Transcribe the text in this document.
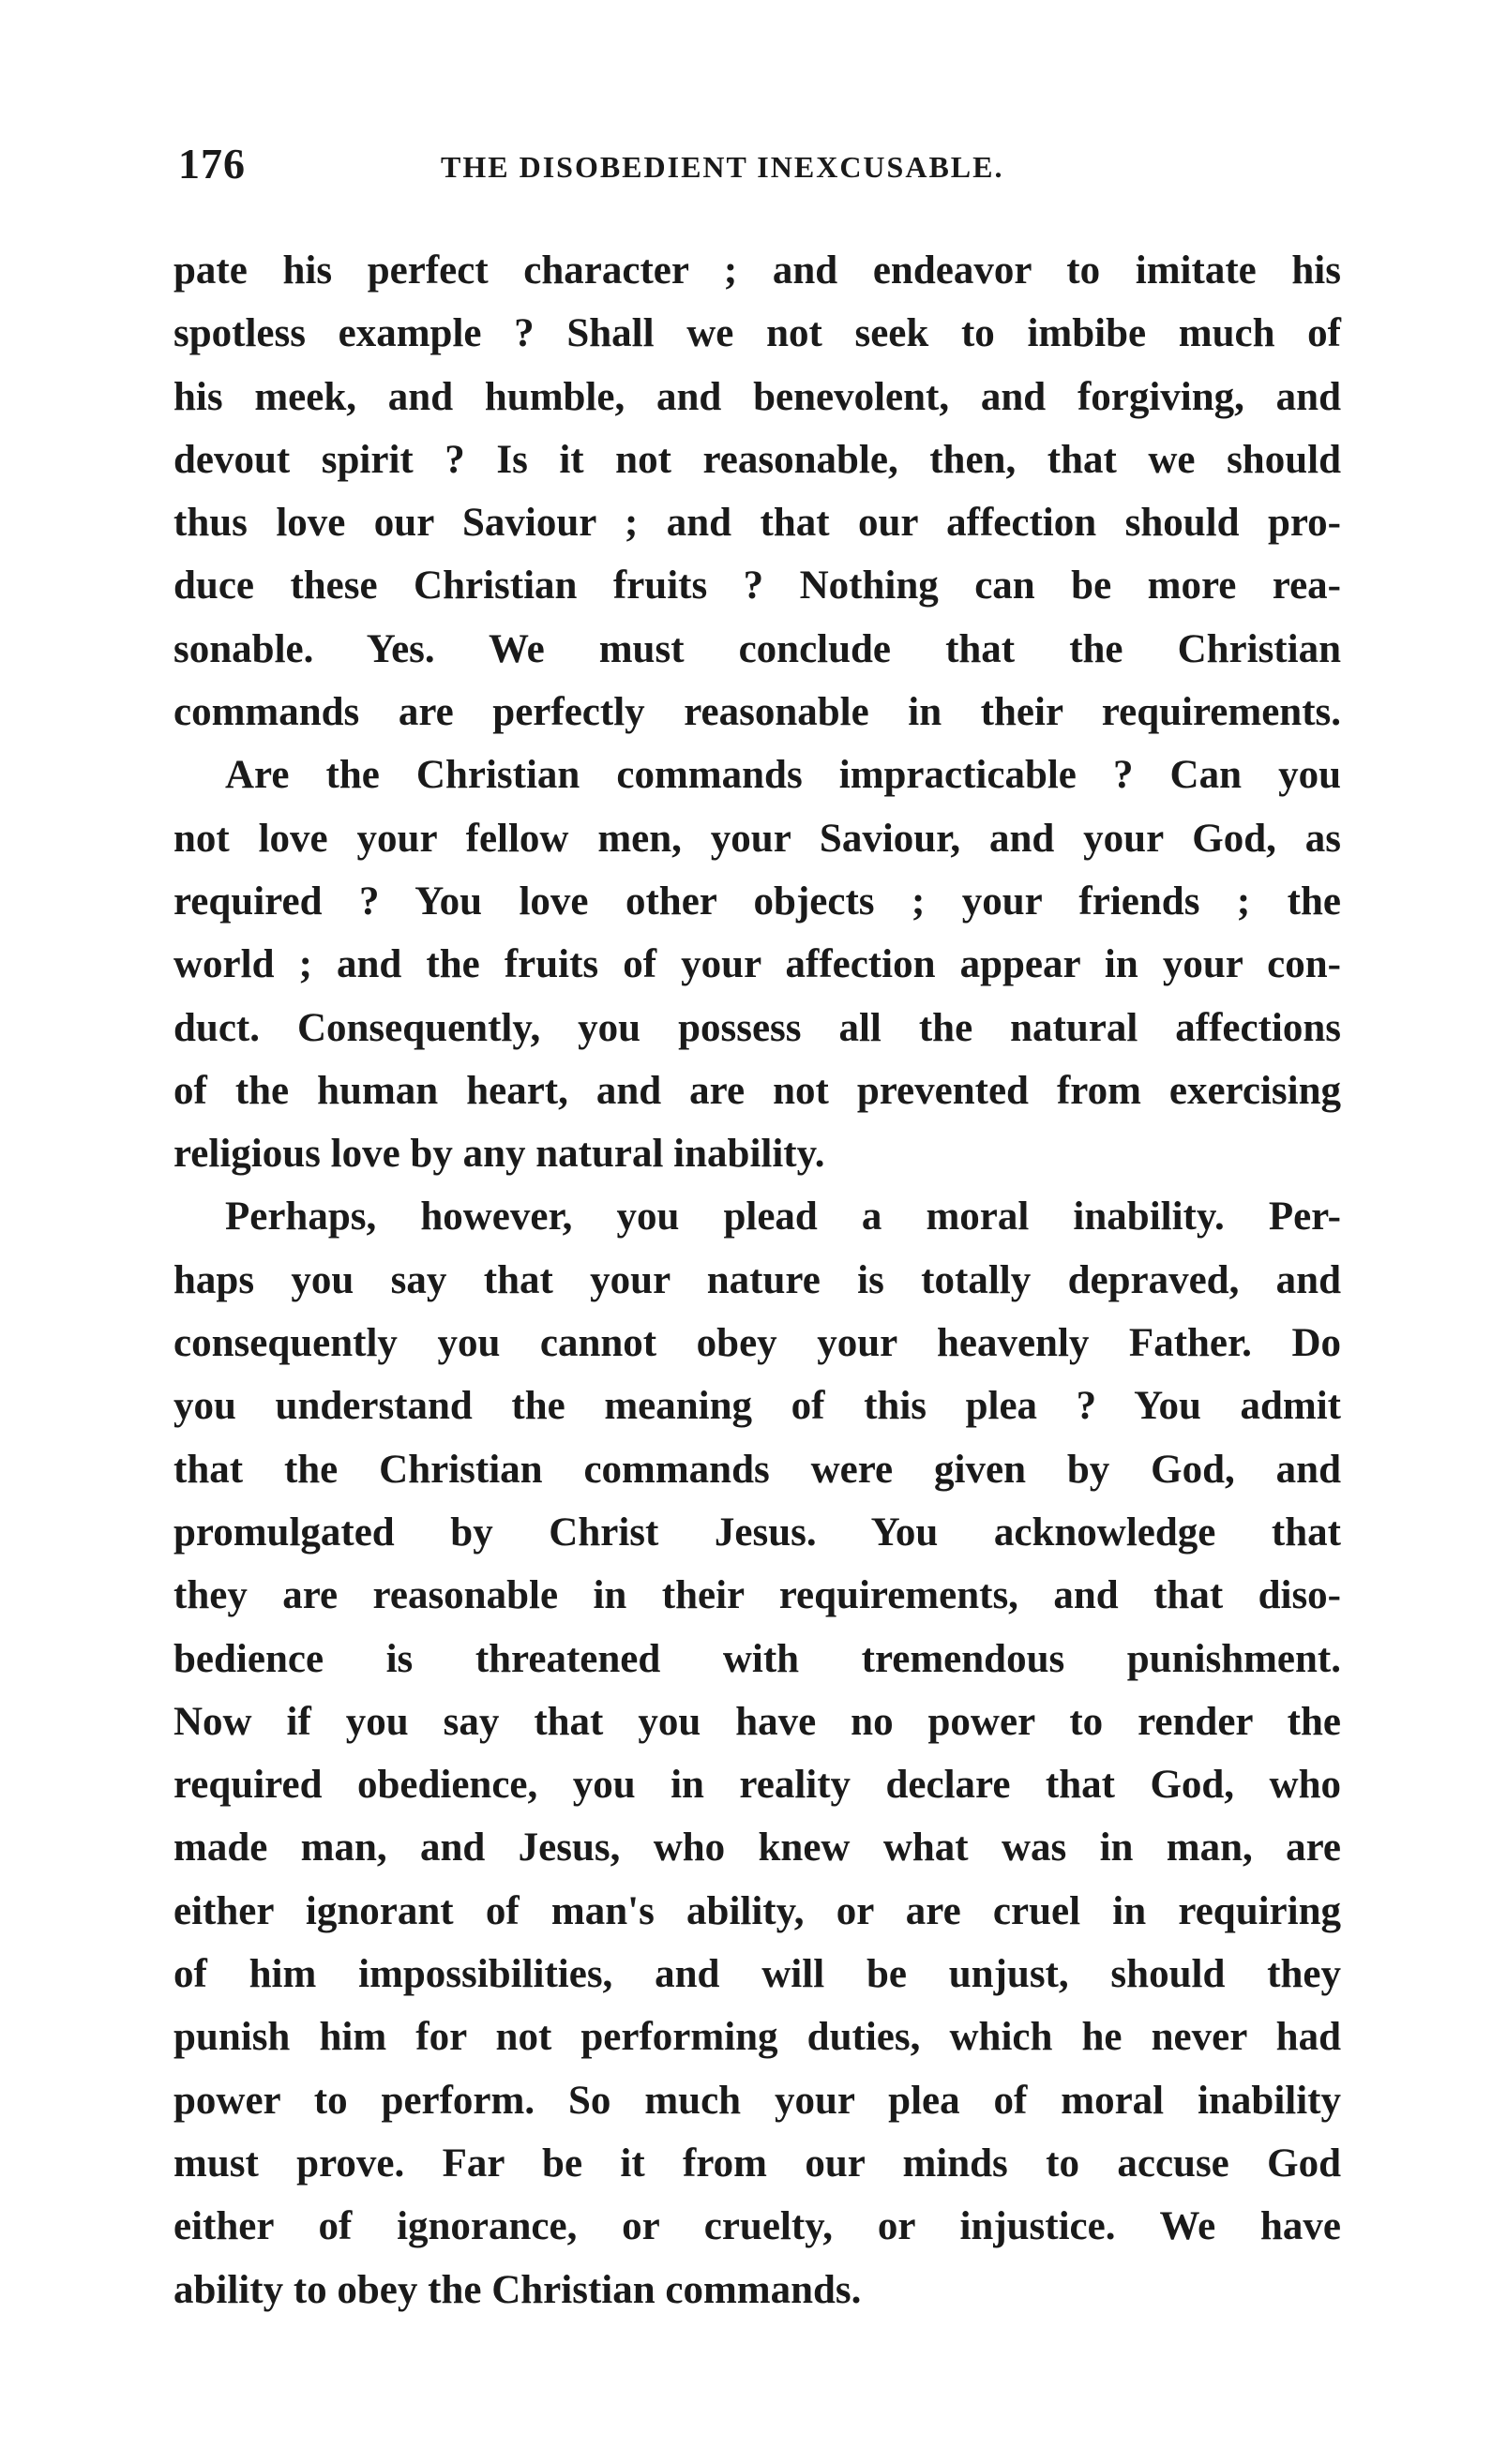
176	THE DISOBEDIENT INEXCUSABLE.
pate his perfect character ; and endeavor to imitate his
spotless example ? Shall we not seek to imbibe much of
his meek, and humble, and benevolent, and forgiving, and
devout spirit ? Is it not reasonable, then, that we should
thus love our Saviour ; and that our affection should pro-
duce these Christian fruits ? Nothing can be more rea-
sonable. Yes. We must conclude that the Christian
commands are perfectly reasonable in their requirements.
Are the Christian commands impracticable ? Can you
not love your fellow men, your Saviour, and your God, as
required ? You love other objects ; your friends ; the
world ; and the fruits of your affection appear in your con-
duct. Consequently, you possess all the natural affections
of the human heart, and are not prevented from exercising
religious love by any natural inability.
Perhaps, however, you plead a moral inability. Per-
haps you say that your nature is totally depraved, and
consequently you cannot obey your heavenly Father. Do
you understand the meaning of this plea ? You admit
that the Christian commands were given by God, and
promulgated by Christ Jesus. You acknowledge that
they are reasonable in their requirements, and that diso-
bedience is threatened with tremendous punishment.
Now if you say that you have no power to render the
required obedience, you in reality declare that God, who
made man, and Jesus, who knew what was in man, are
either ignorant of man's ability, or are cruel in requiring
of him impossibilities, and will be unjust, should they
punish him for not performing duties, which he never had
power to perform. So much your plea of moral inability
must prove. Far be it from our minds to accuse God
either of ignorance, or cruelty, or injustice. We have
ability to obey the Christian commands.
